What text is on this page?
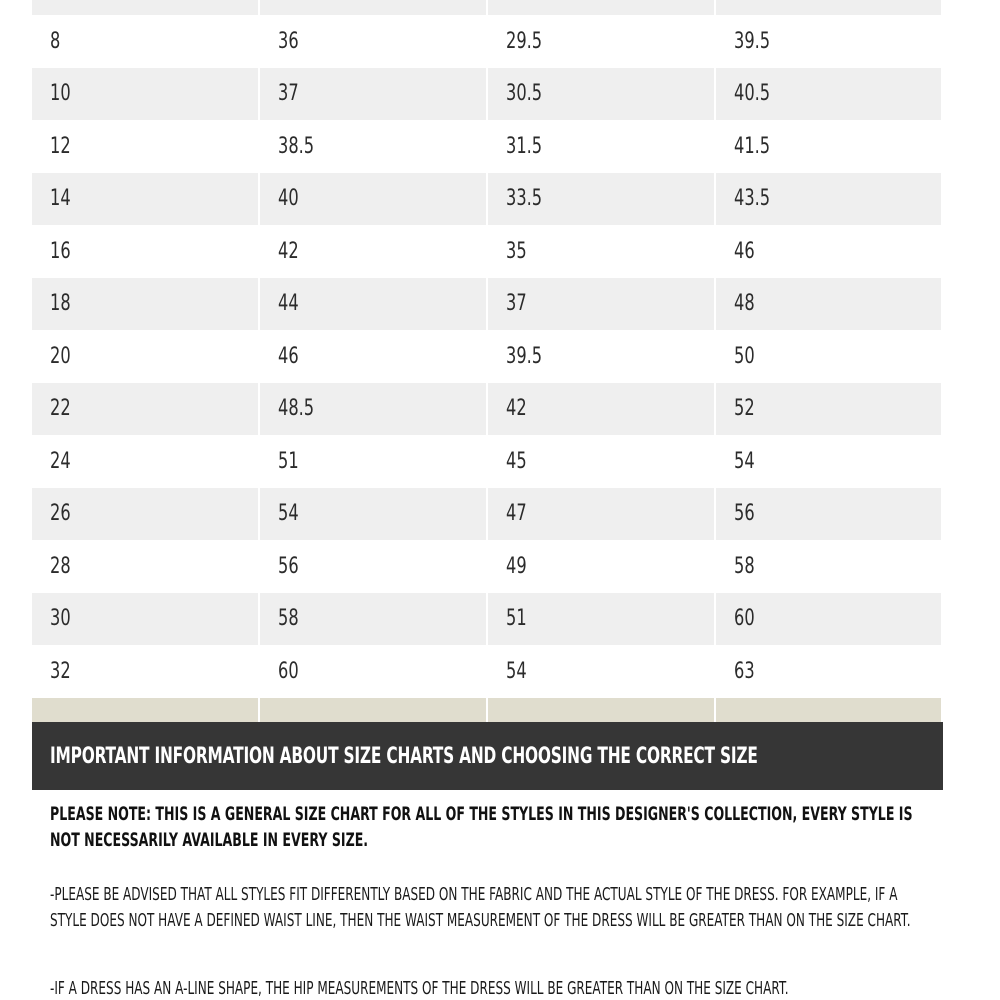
8	36	29.5	39.5
10	37	30.5	40.5
12	38.5	31.5	41.5
14	40	33.5	43.5
16	42	35	46
18	44	37	48
20	46	39.5	50
22	48.5	42	52
24	51	45	54
26	54	47	56
28	56	49	58
30	58	51	60
32	60	54	63
IMPORTANT INFORMATION ABOUT SIZE CHARTS AND CHOOSING THE CORRECT SIZE

PLEASE NOTE: THIS IS A GENERAL SIZE CHART FOR ALL OF THE STYLES IN THIS DESIGNER'S COLLECTION, EVERY STYLE IS NOT NECESSARILY AVAILABLE IN EVERY SIZE.

-PLEASE BE ADVISED THAT ALL STYLES FIT DIFFERENTLY BASED ON THE FABRIC AND THE ACTUAL STYLE OF THE DRESS. FOR EXAMPLE, IF A STYLE DOES NOT HAVE A DEFINED WAIST LINE, THEN THE WAIST MEASUREMENT OF THE DRESS WILL BE GREATER THAN ON THE SIZE CHART.

-IF A DRESS HAS AN A-LINE SHAPE, THE HIP MEASUREMENTS OF THE DRESS WILL BE GREATER THAN ON THE SIZE CHART.
